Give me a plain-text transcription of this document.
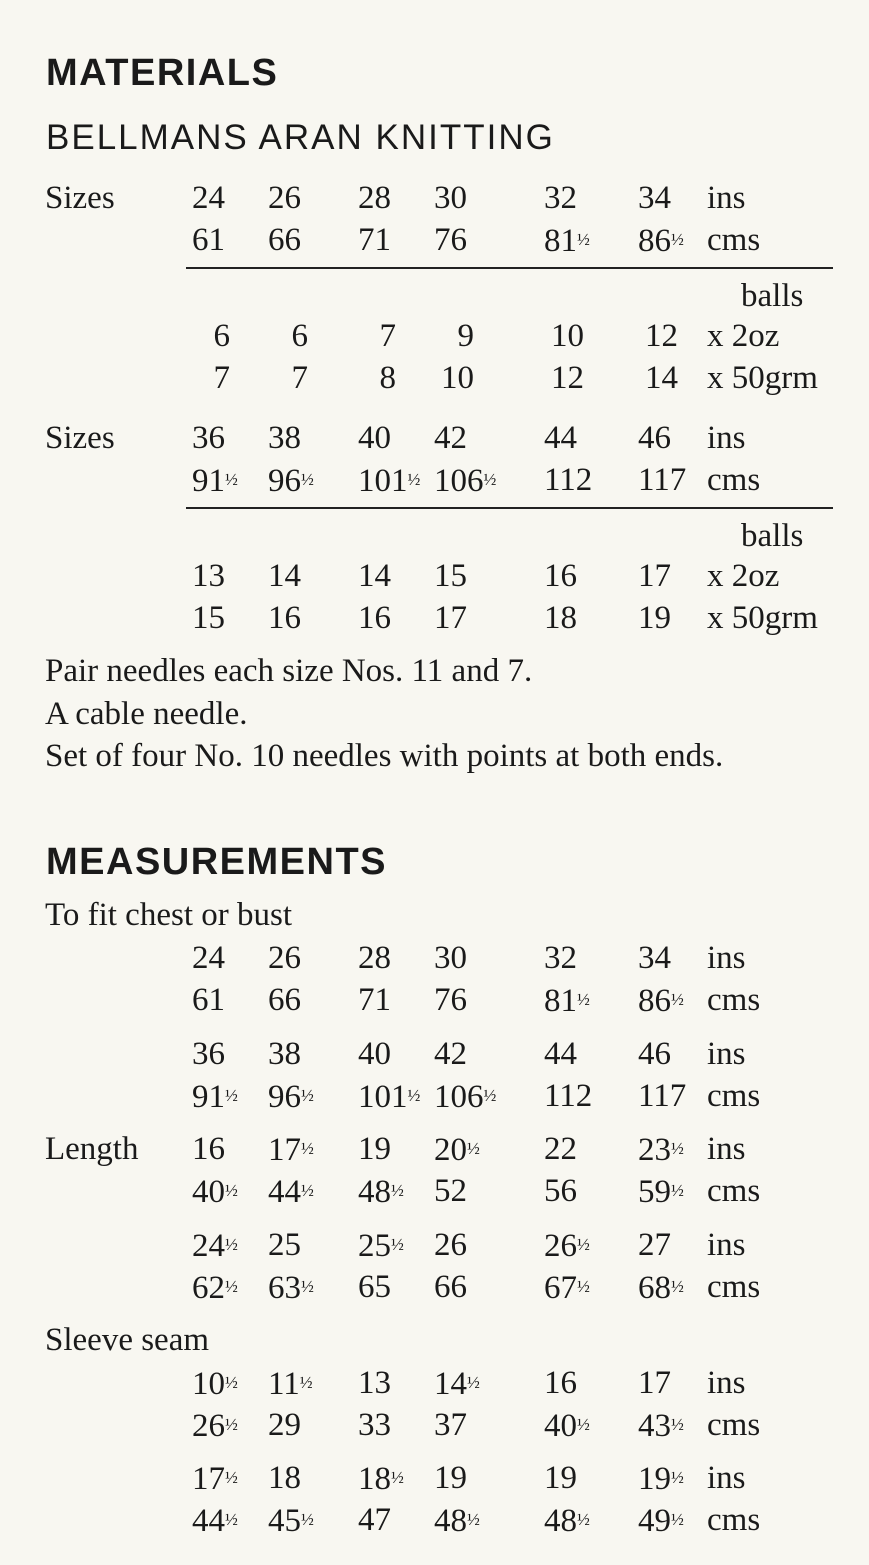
MATERIALS
BELLMANS ARAN KNITTING
Sizes 24 26 28 30 32 34 ins
61 66 71 76 81½ 86½ cms
balls
6 6 7 9 10 12 x 2oz
7 7 8 10 12 14 x 50grm
Sizes 36 38 40 42 44 46 ins
91½ 96½ 101½ 106½ 112 117 cms
balls
13 14 14 15 16 17 x 2oz
15 16 16 17 18 19 x 50grm
Pair needles each size Nos. 11 and 7.
A cable needle.
Set of four No. 10 needles with points at both ends.
MEASUREMENTS
To fit chest or bust
24 26 28 30 32 34 ins
61 66 71 76 81½ 86½ cms
36 38 40 42 44 46 ins
91½ 96½ 101½ 106½ 112 117 cms
Length 16 17½ 19 20½ 22 23½ ins
40½ 44½ 48½ 52 56 59½ cms
24½ 25 25½ 26 26½ 27 ins
62½ 63½ 65 66 67½ 68½ cms
Sleeve seam
10½ 11½ 13 14½ 16 17 ins
26½ 29 33 37 40½ 43½ cms
17½ 18 18½ 19 19 19½ ins
44½ 45½ 47 48½ 48½ 49½ cms
